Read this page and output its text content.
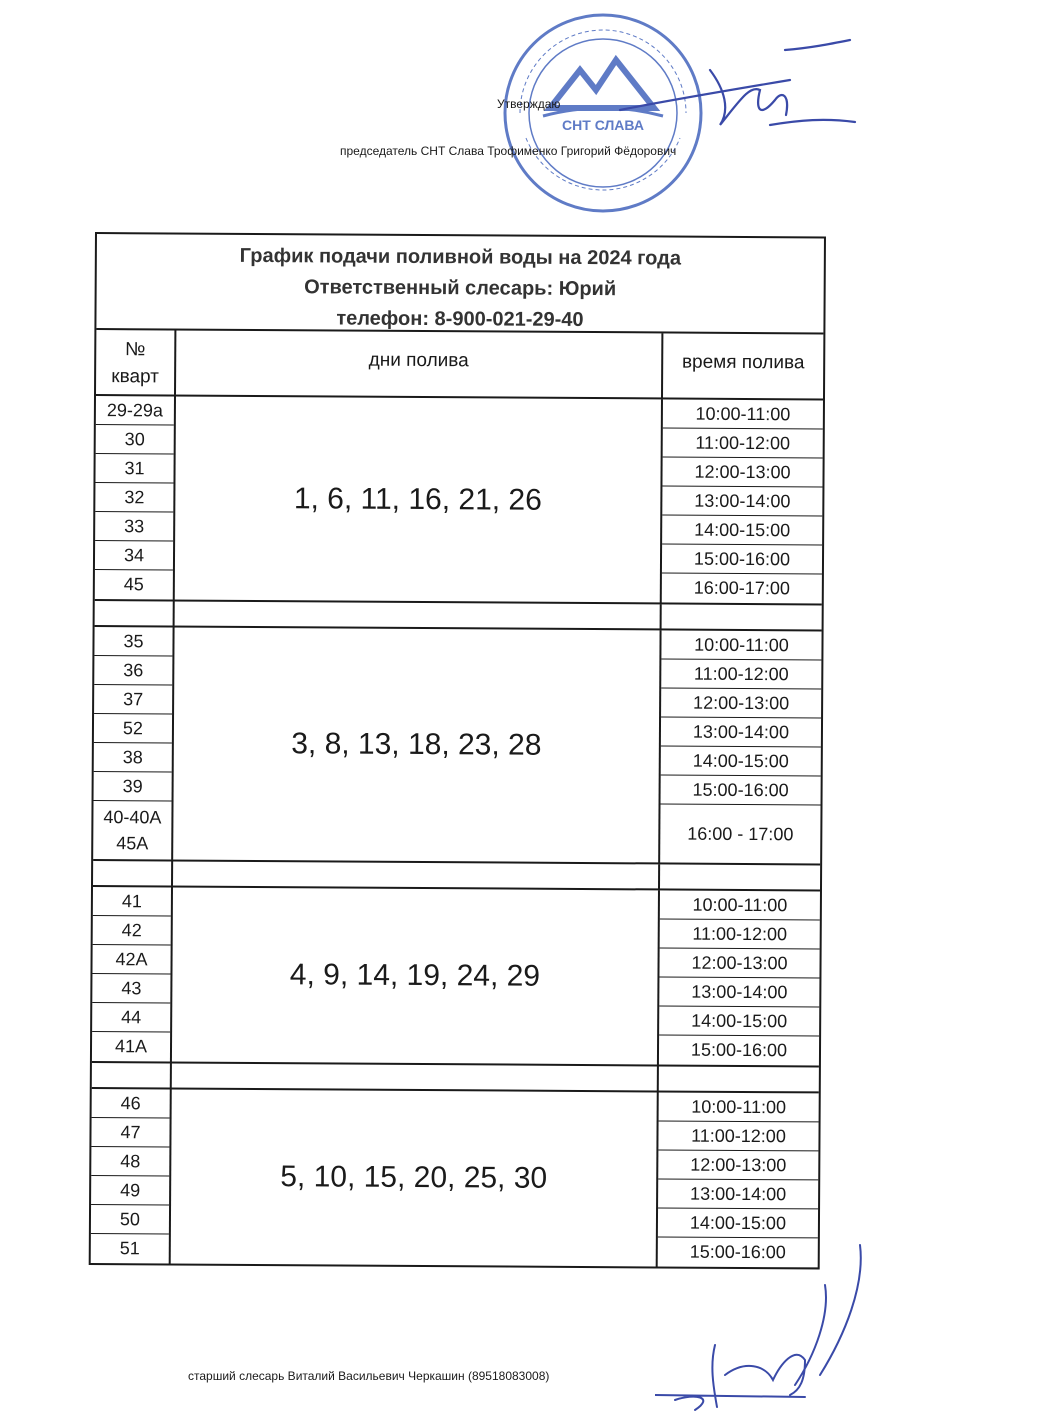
СНТ СЛАВА
Утверждаю
председатель СНТ Слава Трофименко Григорий Фёдорович
График подачи поливной воды на 2024 года
Ответственный слесарь: Юрий
телефон: 8-900-021-29-40
№
кварт
дни полива	время полива
29-29а
30
31
32
33
34
45
1, 6, 11, 16, 21, 26
10:00-11:00
11:00-12:00
12:00-13:00
13:00-14:00
14:00-15:00
15:00-16:00
16:00-17:00
35
36
37
52
38
39
40-40А 45А
3, 8, 13, 18, 23, 28
10:00-11:00
11:00-12:00
12:00-13:00
13:00-14:00
14:00-15:00
15:00-16:00
16:00 - 17:00
41
42
42А
43
44
41А
4, 9, 14, 19, 24, 29
10:00-11:00
11:00-12:00
12:00-13:00
13:00-14:00
14:00-15:00
15:00-16:00
46
47
48
49
50
51
5, 10, 15, 20, 25, 30
10:00-11:00
11:00-12:00
12:00-13:00
13:00-14:00
14:00-15:00
15:00-16:00
старший слесарь Виталий Васильевич Черкашин (89518083008)
